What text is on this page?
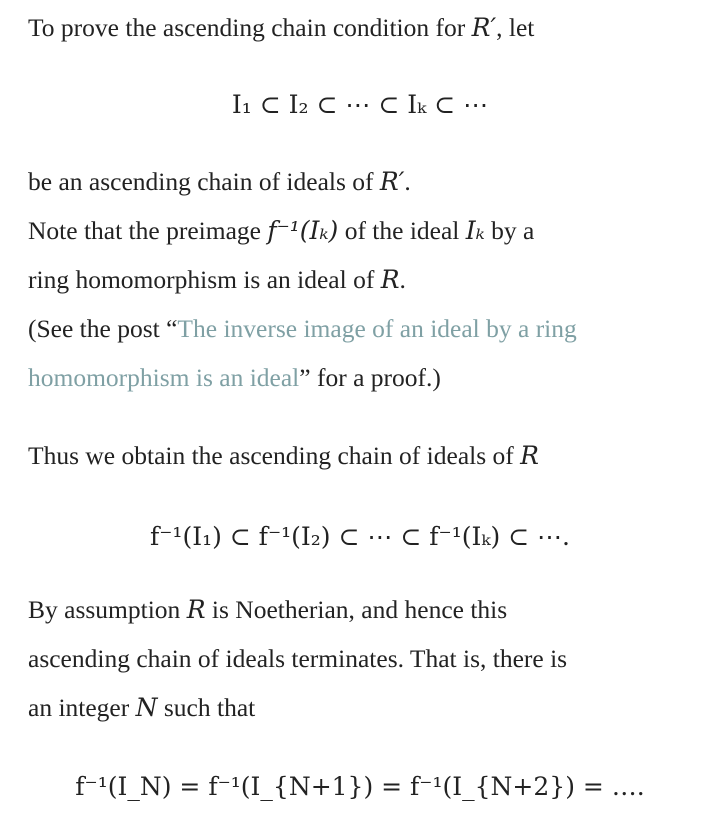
To prove the ascending chain condition for R′, let
I₁ ⊂ I₂ ⊂ ⋯ ⊂ Iₖ ⊂ ⋯
be an ascending chain of ideals of R′.
Note that the preimage f⁻¹(Iₖ) of the ideal Iₖ by a
ring homomorphism is an ideal of R.
(See the post “The inverse image of an ideal by a ring
homomorphism is an ideal” for a proof.)
Thus we obtain the ascending chain of ideals of R
f⁻¹(I₁) ⊂ f⁻¹(I₂) ⊂ ⋯ ⊂ f⁻¹(Iₖ) ⊂ ⋯.
By assumption R is Noetherian, and hence this
ascending chain of ideals terminates. That is, there is
an integer N such that
f⁻¹(I_N) = f⁻¹(I_{N+1}) = f⁻¹(I_{N+2}) = ….
